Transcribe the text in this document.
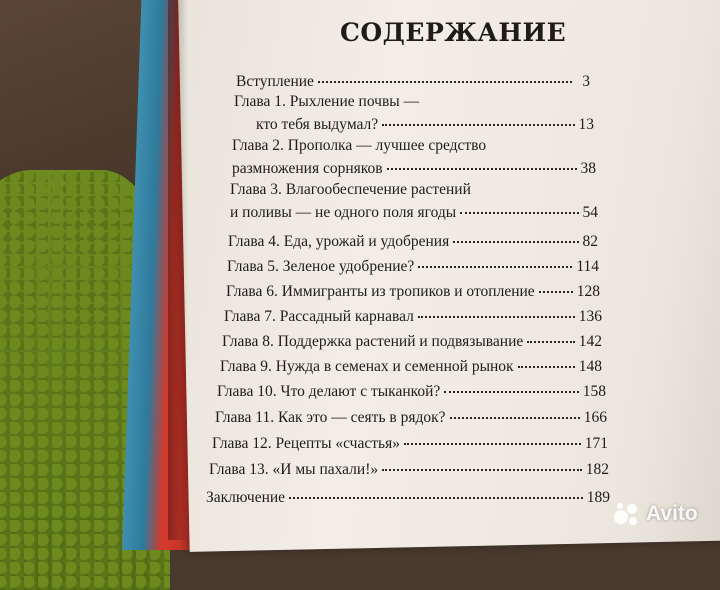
СОДЕРЖАНИЕ
Вступление	3
Глава 1. Рыхление почвы —
кто тебя выдумал?	13
Глава 2. Прополка — лучшее средство
размножения сорняков	38
Глава 3. Влагообеспечение растений
и поливы — не одного поля ягоды	54
Глава 4. Еда, урожай и удобрения	82
Глава 5. Зеленое удобрение?	114
Глава 6. Иммигранты из тропиков и отопление	128
Глава 7. Рассадный карнавал	136
Глава 8. Поддержка растений и подвязывание	142
Глава 9. Нужда в семенах и семенной рынок	148
Глава 10. Что делают с тыканкой?	158
Глава 11. Как это — сеять в рядок?	166
Глава 12. Рецепты «счастья»	171
Глава 13. «И мы пахали!»	182
Заключение	189
Avito
